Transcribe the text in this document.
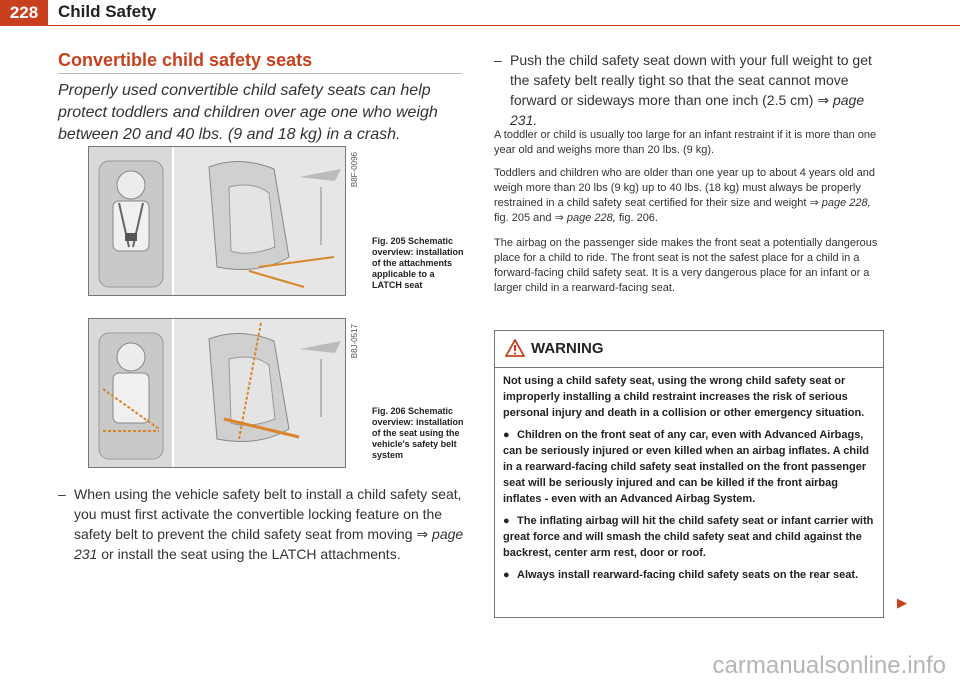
228	Child Safety
Convertible child safety seats
Properly used convertible child safety seats can help protect toddlers and children over age one who weigh between 20 and 40 lbs. (9 and 18 kg) in a crash.
B8F-0096
Fig. 205 Schematic overview: installation of the attachments applicable to a LATCH seat
B8J-0517
Fig. 206 Schematic overview: installation of the seat using the vehicle's safety belt system
– When using the vehicle safety belt to install a child safety seat, you must first activate the convertible locking feature on the safety belt to prevent the child safety seat from moving ⇒ page 231 or install the seat using the LATCH attachments.
– Push the child safety seat down with your full weight to get the safety belt really tight so that the seat cannot move forward or sideways more than one inch (2.5 cm) ⇒ page 231.
A toddler or child is usually too large for an infant restraint if it is more than one year old and weighs more than 20 lbs. (9 kg).
Toddlers and children who are older than one year up to about 4 years old and weigh more than 20 lbs (9 kg) up to 40 lbs. (18 kg) must always be properly restrained in a child safety seat certified for their size and weight ⇒ page 228, fig. 205 and ⇒ page 228, fig. 206.
The airbag on the passenger side makes the front seat a potentially dangerous place for a child to ride. The front seat is not the safest place for a child in a forward-facing child safety seat. It is a very dangerous place for an infant or a larger child in a rearward-facing seat.
WARNING

Not using a child safety seat, using the wrong child safety seat or improperly installing a child restraint increases the risk of serious personal injury and death in a collision or other emergency situation.

● Children on the front seat of any car, even with Advanced Airbags, can be seriously injured or even killed when an airbag inflates. A child in a rearward-facing child safety seat installed on the front passenger seat will be seriously injured and can be killed if the front airbag inflates - even with an Advanced Airbag System.

● The inflating airbag will hit the child safety seat or infant carrier with great force and will smash the child safety seat and child against the backrest, center arm rest, door or roof.

● Always install rearward-facing child safety seats on the rear seat.

▶
carmanualsonline.info
